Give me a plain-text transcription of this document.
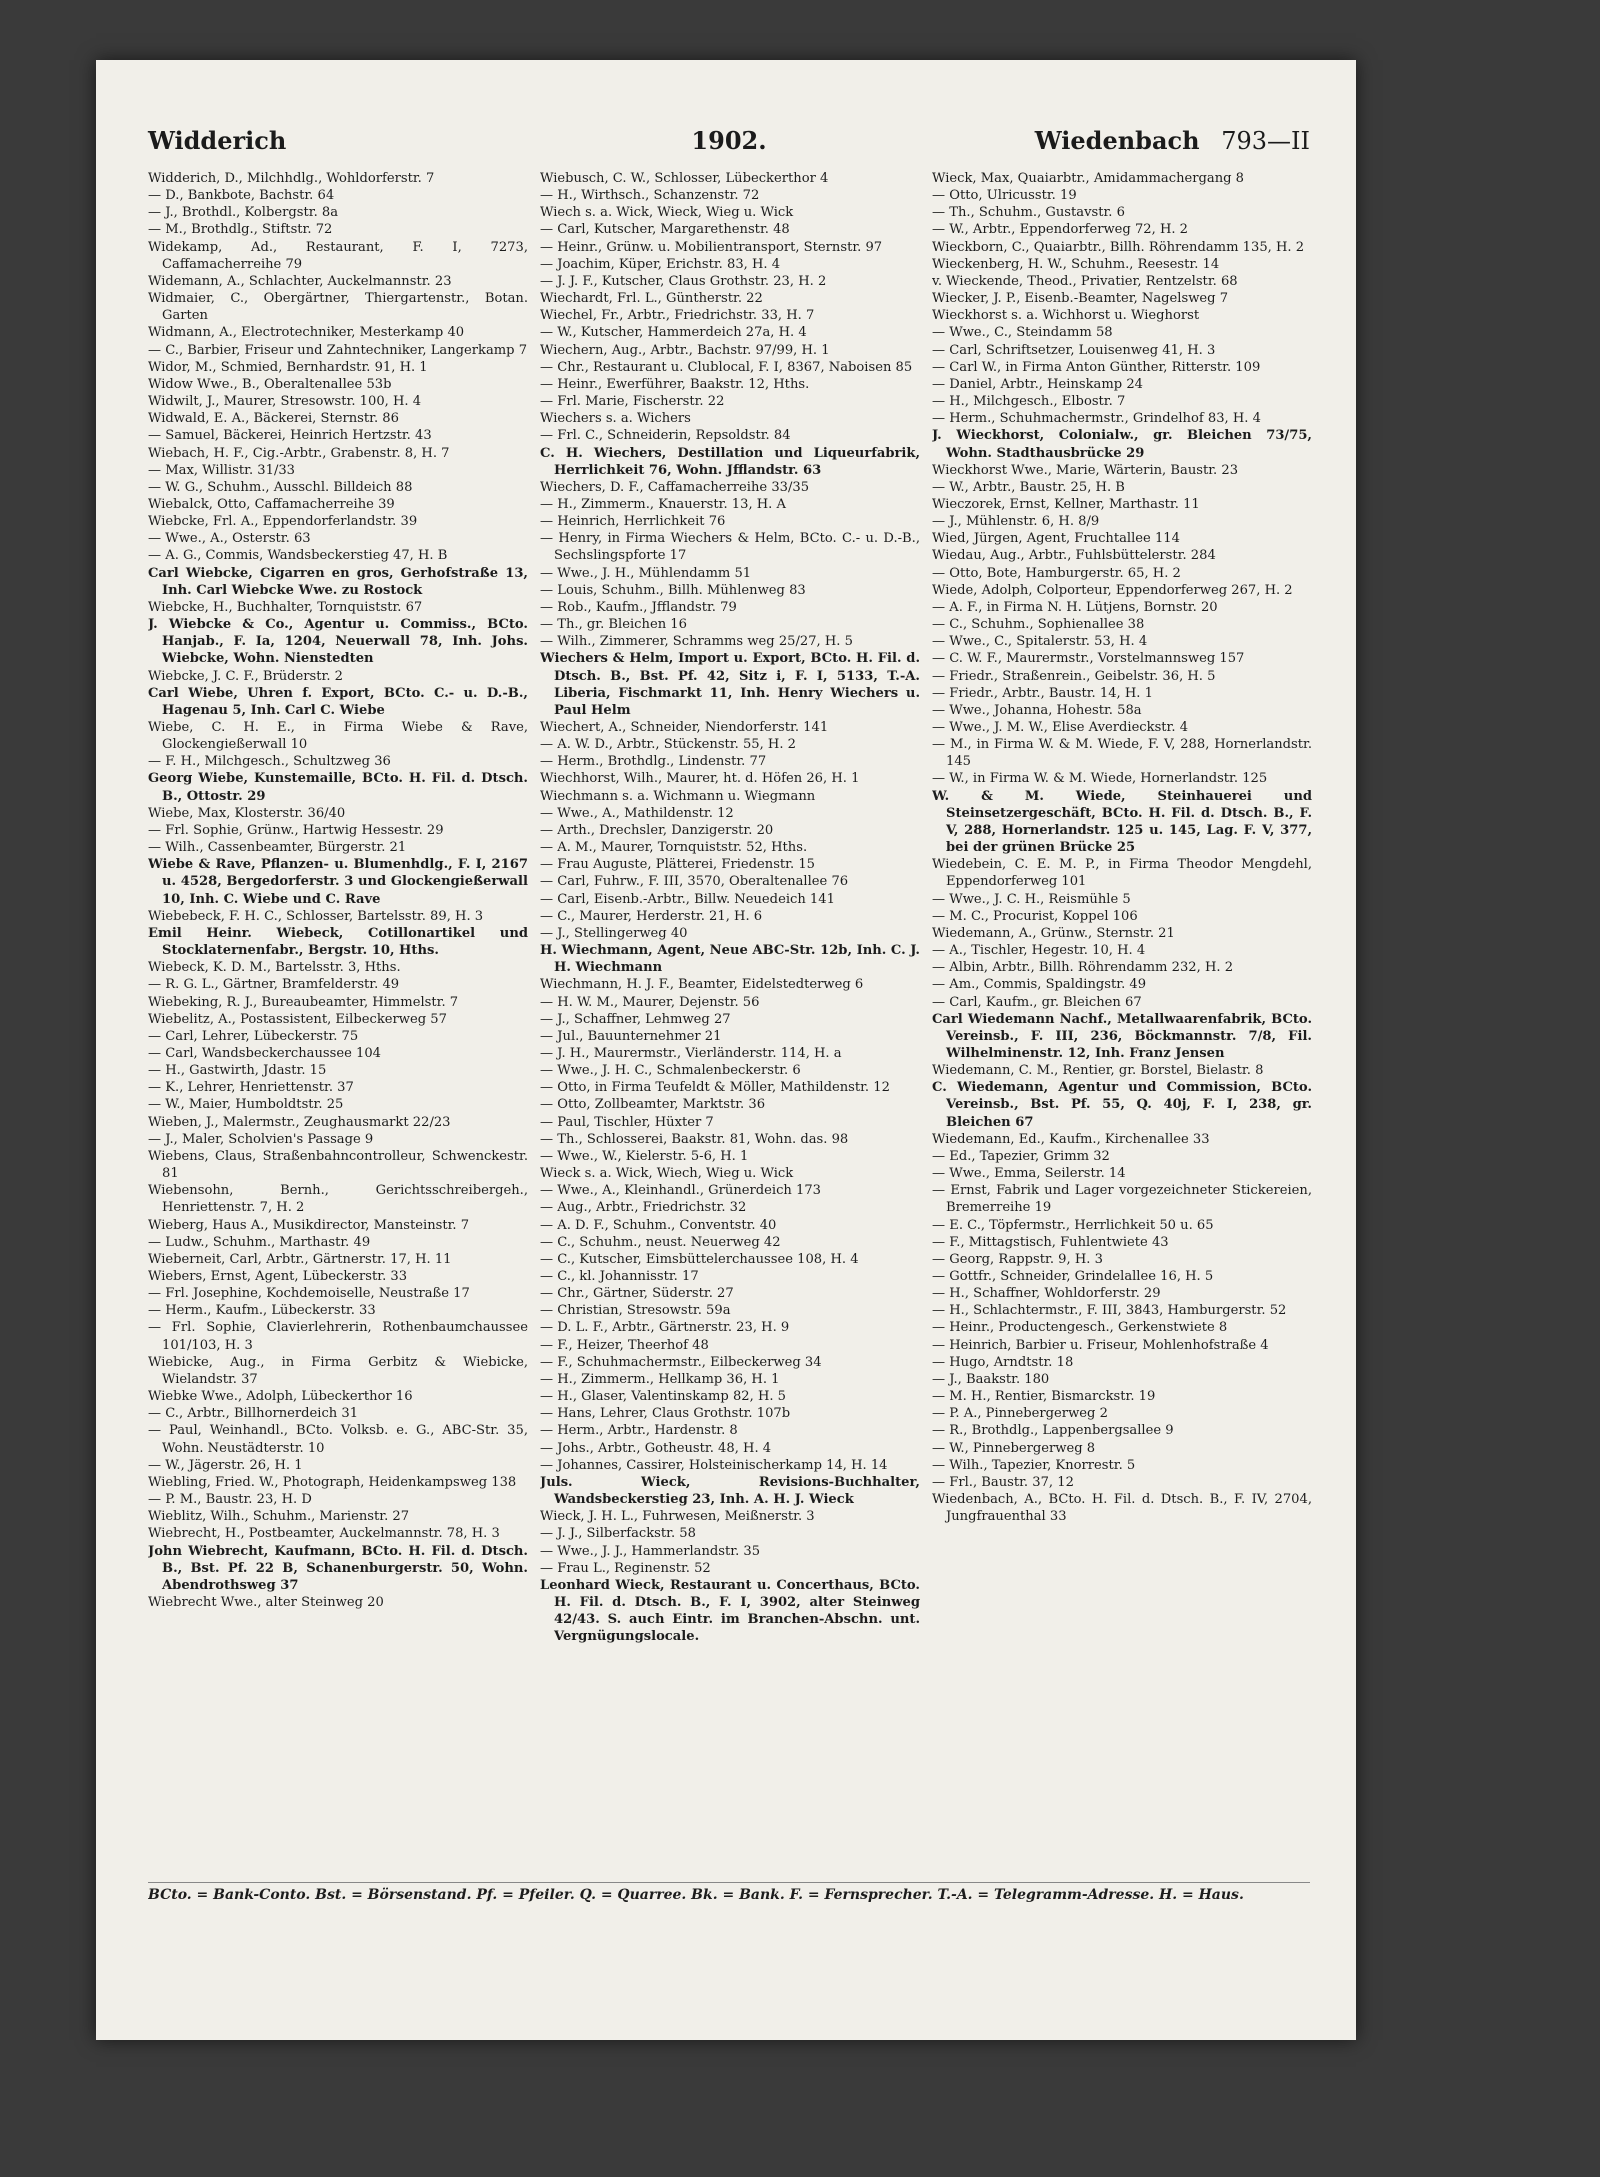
Widderich	1902.	Wiedenbach 793—II
Widderich, D., Milchhdlg., Wohldorferstr. 7
— D., Bankbote, Bachstr. 64
— J., Brothdl., Kolbergstr. 8a
— M., Brothdlg., Stiftstr. 72
Widekamp, Ad., Restaurant, F. I, 7273, Caffamacherreihe 79
Widemann, A., Schlachter, Auckelmannstr. 23
Widmaier, C., Obergärtner, Thiergartenstr., Botan. Garten
Widmann, A., Electrotechniker, Mesterkamp 40
— C., Barbier, Friseur und Zahntechniker, Langerkamp 7
Widor, M., Schmied, Bernhardstr. 91, H. 1
Widow Wwe., B., Oberaltenallee 53b
Widwilt, J., Maurer, Stresowstr. 100, H. 4
Widwald, E. A., Bäckerei, Sternstr. 86
— Samuel, Bäckerei, Heinrich Hertzstr. 43
Wiebach, H. F., Cig.-Arbtr., Grabenstr. 8, H. 7
— Max, Willistr. 31/33
— W. G., Schuhm., Ausschl. Billdeich 88
Wiebalck, Otto, Caffamacherreihe 39
Wiebcke, Frl. A., Eppendorferlandstr. 39
— Wwe., A., Osterstr. 63
— A. G., Commis, Wandsbeckerstieg 47, H. B
Carl Wiebcke, Cigarren en gros, Gerhofstraße 13, Inh. Carl Wiebcke Wwe. zu Rostock
Wiebcke, H., Buchhalter, Tornquiststr. 67
J. Wiebcke & Co., Agentur u. Commiss., BCto. Hanjab., F. Ia, 1204, Neuerwall 78, Inh. Johs. Wiebcke, Wohn. Nienstedten
Wiebcke, J. C. F., Brüderstr. 2
Carl Wiebe, Uhren f. Export, BCto. C.- u. D.-B., Hagenau 5, Inh. Carl C. Wiebe
Wiebe, C. H. E., in Firma Wiebe & Rave, Glockengießerwall 10
— F. H., Milchgesch., Schultzweg 36
Georg Wiebe, Kunstemaille, BCto. H. Fil. d. Dtsch. B., Ottostr. 29
Wiebe, Max, Klosterstr. 36/40
— Frl. Sophie, Grünw., Hartwig Hessestr. 29
— Wilh., Cassenbeamter, Bürgerstr. 21
Wiebe & Rave, Pflanzen- u. Blumenhdlg., F. I, 2167 u. 4528, Bergedorferstr. 3 und Glockengießerwall 10, Inh. C. Wiebe und C. Rave
Wiebebeck, F. H. C., Schlosser, Bartelsstr. 89, H. 3
Emil Heinr. Wiebeck, Cotillonartikel und Stocklaternenfabr., Bergstr. 10, Hths.
Wiebeck, K. D. M., Bartelsstr. 3, Hths.
— R. G. L., Gärtner, Bramfelderstr. 49
Wiebeking, R. J., Bureaubeamter, Himmelstr. 7
Wiebelitz, A., Postassistent, Eilbeckerweg 57
— Carl, Lehrer, Lübeckerstr. 75
— Carl, Wandsbeckerchaussee 104
— H., Gastwirth, Jdastr. 15
— K., Lehrer, Henriettenstr. 37
— W., Maier, Humboldtstr. 25
Wieben, J., Malermstr., Zeughausmarkt 22/23
— J., Maler, Scholvien's Passage 9
Wiebens, Claus, Straßenbahncontrolleur, Schwenckestr. 81
Wiebensohn, Bernh., Gerichtsschreibergeh., Henriettenstr. 7, H. 2
Wieberg, Haus A., Musikdirector, Mansteinstr. 7
— Ludw., Schuhm., Marthastr. 49
Wieberneit, Carl, Arbtr., Gärtnerstr. 17, H. 11
Wiebers, Ernst, Agent, Lübeckerstr. 33
— Frl. Josephine, Kochdemoiselle, Neustraße 17
— Herm., Kaufm., Lübeckerstr. 33
— Frl. Sophie, Clavierlehrerin, Rothenbaumchaussee 101/103, H. 3
Wiebicke, Aug., in Firma Gerbitz & Wiebicke, Wielandstr. 37
Wiebke Wwe., Adolph, Lübeckerthor 16
— C., Arbtr., Billhornerdeich 31
— Paul, Weinhandl., BCto. Volksb. e. G., ABC-Str. 35, Wohn. Neustädterstr. 10
— W., Jägerstr. 26, H. 1
Wiebling, Fried. W., Photograph, Heidenkampsweg 138
— P. M., Baustr. 23, H. D
Wieblitz, Wilh., Schuhm., Marienstr. 27
Wiebrecht, H., Postbeamter, Auckelmannstr. 78, H. 3
John Wiebrecht, Kaufmann, BCto. H. Fil. d. Dtsch. B., Bst. Pf. 22 B, Schanenburgerstr. 50, Wohn. Abendrothsweg 37
Wiebrecht Wwe., alter Steinweg 20
Wiebusch, C. W., Schlosser, Lübeckerthor 4
— H., Wirthsch., Schanzenstr. 72
Wiech s. a. Wick, Wieck, Wieg u. Wick
— Carl, Kutscher, Margarethenstr. 48
— Heinr., Grünw. u. Mobilientransport, Sternstr. 97
— Joachim, Küper, Erichstr. 83, H. 4
— J. J. F., Kutscher, Claus Grothstr. 23, H. 2
Wiechardt, Frl. L., Güntherstr. 22
Wiechel, Fr., Arbtr., Friedrichstr. 33, H. 7
— W., Kutscher, Hammerdeich 27a, H. 4
Wiechern, Aug., Arbtr., Bachstr. 97/99, H. 1
— Chr., Restaurant u. Clublocal, F. I, 8367, Naboisen 85
— Heinr., Ewerführer, Baakstr. 12, Hths.
— Frl. Marie, Fischerstr. 22
Wiechers s. a. Wichers
— Frl. C., Schneiderin, Repsoldstr. 84
C. H. Wiechers, Destillation und Liqueurfabrik, Herrlichkeit 76, Wohn. Jfflandstr. 63
Wiechers, D. F., Caffamacherreihe 33/35
— H., Zimmerm., Knauerstr. 13, H. A
— Heinrich, Herrlichkeit 76
— Henry, in Firma Wiechers & Helm, BCto. C.- u. D.-B., Sechslingspforte 17
— Wwe., J. H., Mühlendamm 51
— Louis, Schuhm., Billh. Mühlenweg 83
— Rob., Kaufm., Jfflandstr. 79
— Th., gr. Bleichen 16
— Wilh., Zimmerer, Schramms weg 25/27, H. 5
Wiechers & Helm, Import u. Export, BCto. H. Fil. d. Dtsch. B., Bst. Pf. 42, Sitz i, F. I, 5133, T.-A. Liberia, Fischmarkt 11, Inh. Henry Wiechers u. Paul Helm
Wiechert, A., Schneider, Niendorferstr. 141
— A. W. D., Arbtr., Stückenstr. 55, H. 2
— Herm., Brothdlg., Lindenstr. 77
Wiechhorst, Wilh., Maurer, ht. d. Höfen 26, H. 1
Wiechmann s. a. Wichmann u. Wiegmann
— Wwe., A., Mathildenstr. 12
— Arth., Drechsler, Danzigerstr. 20
— A. M., Maurer, Tornquiststr. 52, Hths.
— Frau Auguste, Plätterei, Friedenstr. 15
— Carl, Fuhrw., F. III, 3570, Oberaltenallee 76
— Carl, Eisenb.-Arbtr., Billw. Neuedeich 141
— C., Maurer, Herderstr. 21, H. 6
— J., Stellingerweg 40
H. Wiechmann, Agent, Neue ABC-Str. 12b, Inh. C. J. H. Wiechmann
Wiechmann, H. J. F., Beamter, Eidelstedterweg 6
— H. W. M., Maurer, Dejenstr. 56
— J., Schaffner, Lehmweg 27
— Jul., Bauunternehmer 21
— J. H., Maurermstr., Vierländerstr. 114, H. a
— Wwe., J. H. C., Schmalenbeckerstr. 6
— Otto, in Firma Teufeldt & Möller, Mathildenstr. 12
— Otto, Zollbeamter, Marktstr. 36
— Paul, Tischler, Hüxter 7
— Th., Schlosserei, Baakstr. 81, Wohn. das. 98
— Wwe., W., Kielerstr. 5-6, H. 1
Wieck s. a. Wick, Wiech, Wieg u. Wick
— Wwe., A., Kleinhandl., Grünerdeich 173
— Aug., Arbtr., Friedrichstr. 32
— A. D. F., Schuhm., Conventstr. 40
— C., Schuhm., neust. Neuerweg 42
— C., Kutscher, Eimsbüttelerchaussee 108, H. 4
— C., kl. Johannisstr. 17
— Chr., Gärtner, Süderstr. 27
— Christian, Stresowstr. 59a
— D. L. F., Arbtr., Gärtnerstr. 23, H. 9
— F., Heizer, Theerhof 48
— F., Schuhmachermstr., Eilbeckerweg 34
— H., Zimmerm., Hellkamp 36, H. 1
— H., Glaser, Valentinskamp 82, H. 5
— Hans, Lehrer, Claus Grothstr. 107b
— Herm., Arbtr., Hardenstr. 8
— Johs., Arbtr., Gotheustr. 48, H. 4
— Johannes, Cassirer, Holsteinischerkamp 14, H. 14
Juls. Wieck, Revisions-Buchhalter, Wandsbeckerstieg 23, Inh. A. H. J. Wieck
Wieck, J. H. L., Fuhrwesen, Meißnerstr. 3
— J. J., Silberfackstr. 58
— Wwe., J. J., Hammerlandstr. 35
— Frau L., Reginenstr. 52
Leonhard Wieck, Restaurant u. Concerthaus, BCto. H. Fil. d. Dtsch. B., F. I, 3902, alter Steinweg 42/43. S. auch Eintr. im Branchen-Abschn. unt. Vergnügungslocale.
Wieck, Max, Quaiarbtr., Amidammachergang 8
— Otto, Ulricusstr. 19
— Th., Schuhm., Gustavstr. 6
— W., Arbtr., Eppendorferweg 72, H. 2
Wieckborn, C., Quaiarbtr., Billh. Röhrendamm 135, H. 2
Wieckenberg, H. W., Schuhm., Reesestr. 14
v. Wieckende, Theod., Privatier, Rentzelstr. 68
Wiecker, J. P., Eisenb.-Beamter, Nagelsweg 7
Wieckhorst s. a. Wichhorst u. Wieghorst
— Wwe., C., Steindamm 58
— Carl, Schriftsetzer, Louisenweg 41, H. 3
— Carl W., in Firma Anton Günther, Ritterstr. 109
— Daniel, Arbtr., Heinskamp 24
— H., Milchgesch., Elbostr. 7
— Herm., Schuhmachermstr., Grindelhof 83, H. 4
J. Wieckhorst, Colonialw., gr. Bleichen 73/75, Wohn. Stadthausbrücke 29
Wieckhorst Wwe., Marie, Wärterin, Baustr. 23
— W., Arbtr., Baustr. 25, H. B
Wieczorek, Ernst, Kellner, Marthastr. 11
— J., Mühlenstr. 6, H. 8/9
Wied, Jürgen, Agent, Fruchtallee 114
Wiedau, Aug., Arbtr., Fuhlsbüttelerstr. 284
— Otto, Bote, Hamburgerstr. 65, H. 2
Wiede, Adolph, Colporteur, Eppendorferweg 267, H. 2
— A. F., in Firma N. H. Lütjens, Bornstr. 20
— C., Schuhm., Sophienallee 38
— Wwe., C., Spitalerstr. 53, H. 4
— C. W. F., Maurermstr., Vorstelmannsweg 157
— Friedr., Straßenrein., Geibelstr. 36, H. 5
— Friedr., Arbtr., Baustr. 14, H. 1
— Wwe., Johanna, Hohestr. 58a
— Wwe., J. M. W., Elise Averdieckstr. 4
— M., in Firma W. & M. Wiede, F. V, 288, Hornerlandstr. 145
— W., in Firma W. & M. Wiede, Hornerlandstr. 125
W. & M. Wiede, Steinhauerei und Steinsetzergeschäft, BCto. H. Fil. d. Dtsch. B., F. V, 288, Hornerlandstr. 125 u. 145, Lag. F. V, 377, bei der grünen Brücke 25
Wiedebein, C. E. M. P., in Firma Theodor Mengdehl, Eppendorferweg 101
— Wwe., J. C. H., Reismühle 5
— M. C., Procurist, Koppel 106
Wiedemann, A., Grünw., Sternstr. 21
— A., Tischler, Hegestr. 10, H. 4
— Albin, Arbtr., Billh. Röhrendamm 232, H. 2
— Am., Commis, Spaldingstr. 49
— Carl, Kaufm., gr. Bleichen 67
Carl Wiedemann Nachf., Metallwaarenfabrik, BCto. Vereinsb., F. III, 236, Böckmannstr. 7/8, Fil. Wilhelminenstr. 12, Inh. Franz Jensen
Wiedemann, C. M., Rentier, gr. Borstel, Bielastr. 8
C. Wiedemann, Agentur und Commission, BCto. Vereinsb., Bst. Pf. 55, Q. 40j, F. I, 238, gr. Bleichen 67
Wiedemann, Ed., Kaufm., Kirchenallee 33
— Ed., Tapezier, Grimm 32
— Wwe., Emma, Seilerstr. 14
— Ernst, Fabrik und Lager vorgezeichneter Stickereien, Bremerreihe 19
— E. C., Töpfermstr., Herrlichkeit 50 u. 65
— F., Mittagstisch, Fuhlentwiete 43
— Georg, Rappstr. 9, H. 3
— Gottfr., Schneider, Grindelallee 16, H. 5
— H., Schaffner, Wohldorferstr. 29
— H., Schlachtermstr., F. III, 3843, Hamburgerstr. 52
— Heinr., Productengesch., Gerkenstwiete 8
— Heinrich, Barbier u. Friseur, Mohlenhofstraße 4
— Hugo, Arndtstr. 18
— J., Baakstr. 180
— M. H., Rentier, Bismarckstr. 19
— P. A., Pinnebergerweg 2
— R., Brothdlg., Lappenbergsallee 9
— W., Pinnebergerweg 8
— Wilh., Tapezier, Knorrestr. 5
— Frl., Baustr. 37, 12
Wiedenbach, A., BCto. H. Fil. d. Dtsch. B., F. IV, 2704, Jungfrauenthal 33
BCto. = Bank-Conto. Bst. = Börsenstand. Pf. = Pfeiler. Q. = Quarree. Bk. = Bank. F. = Fernsprecher. T.-A. = Telegramm-Adresse. H. = Haus.
